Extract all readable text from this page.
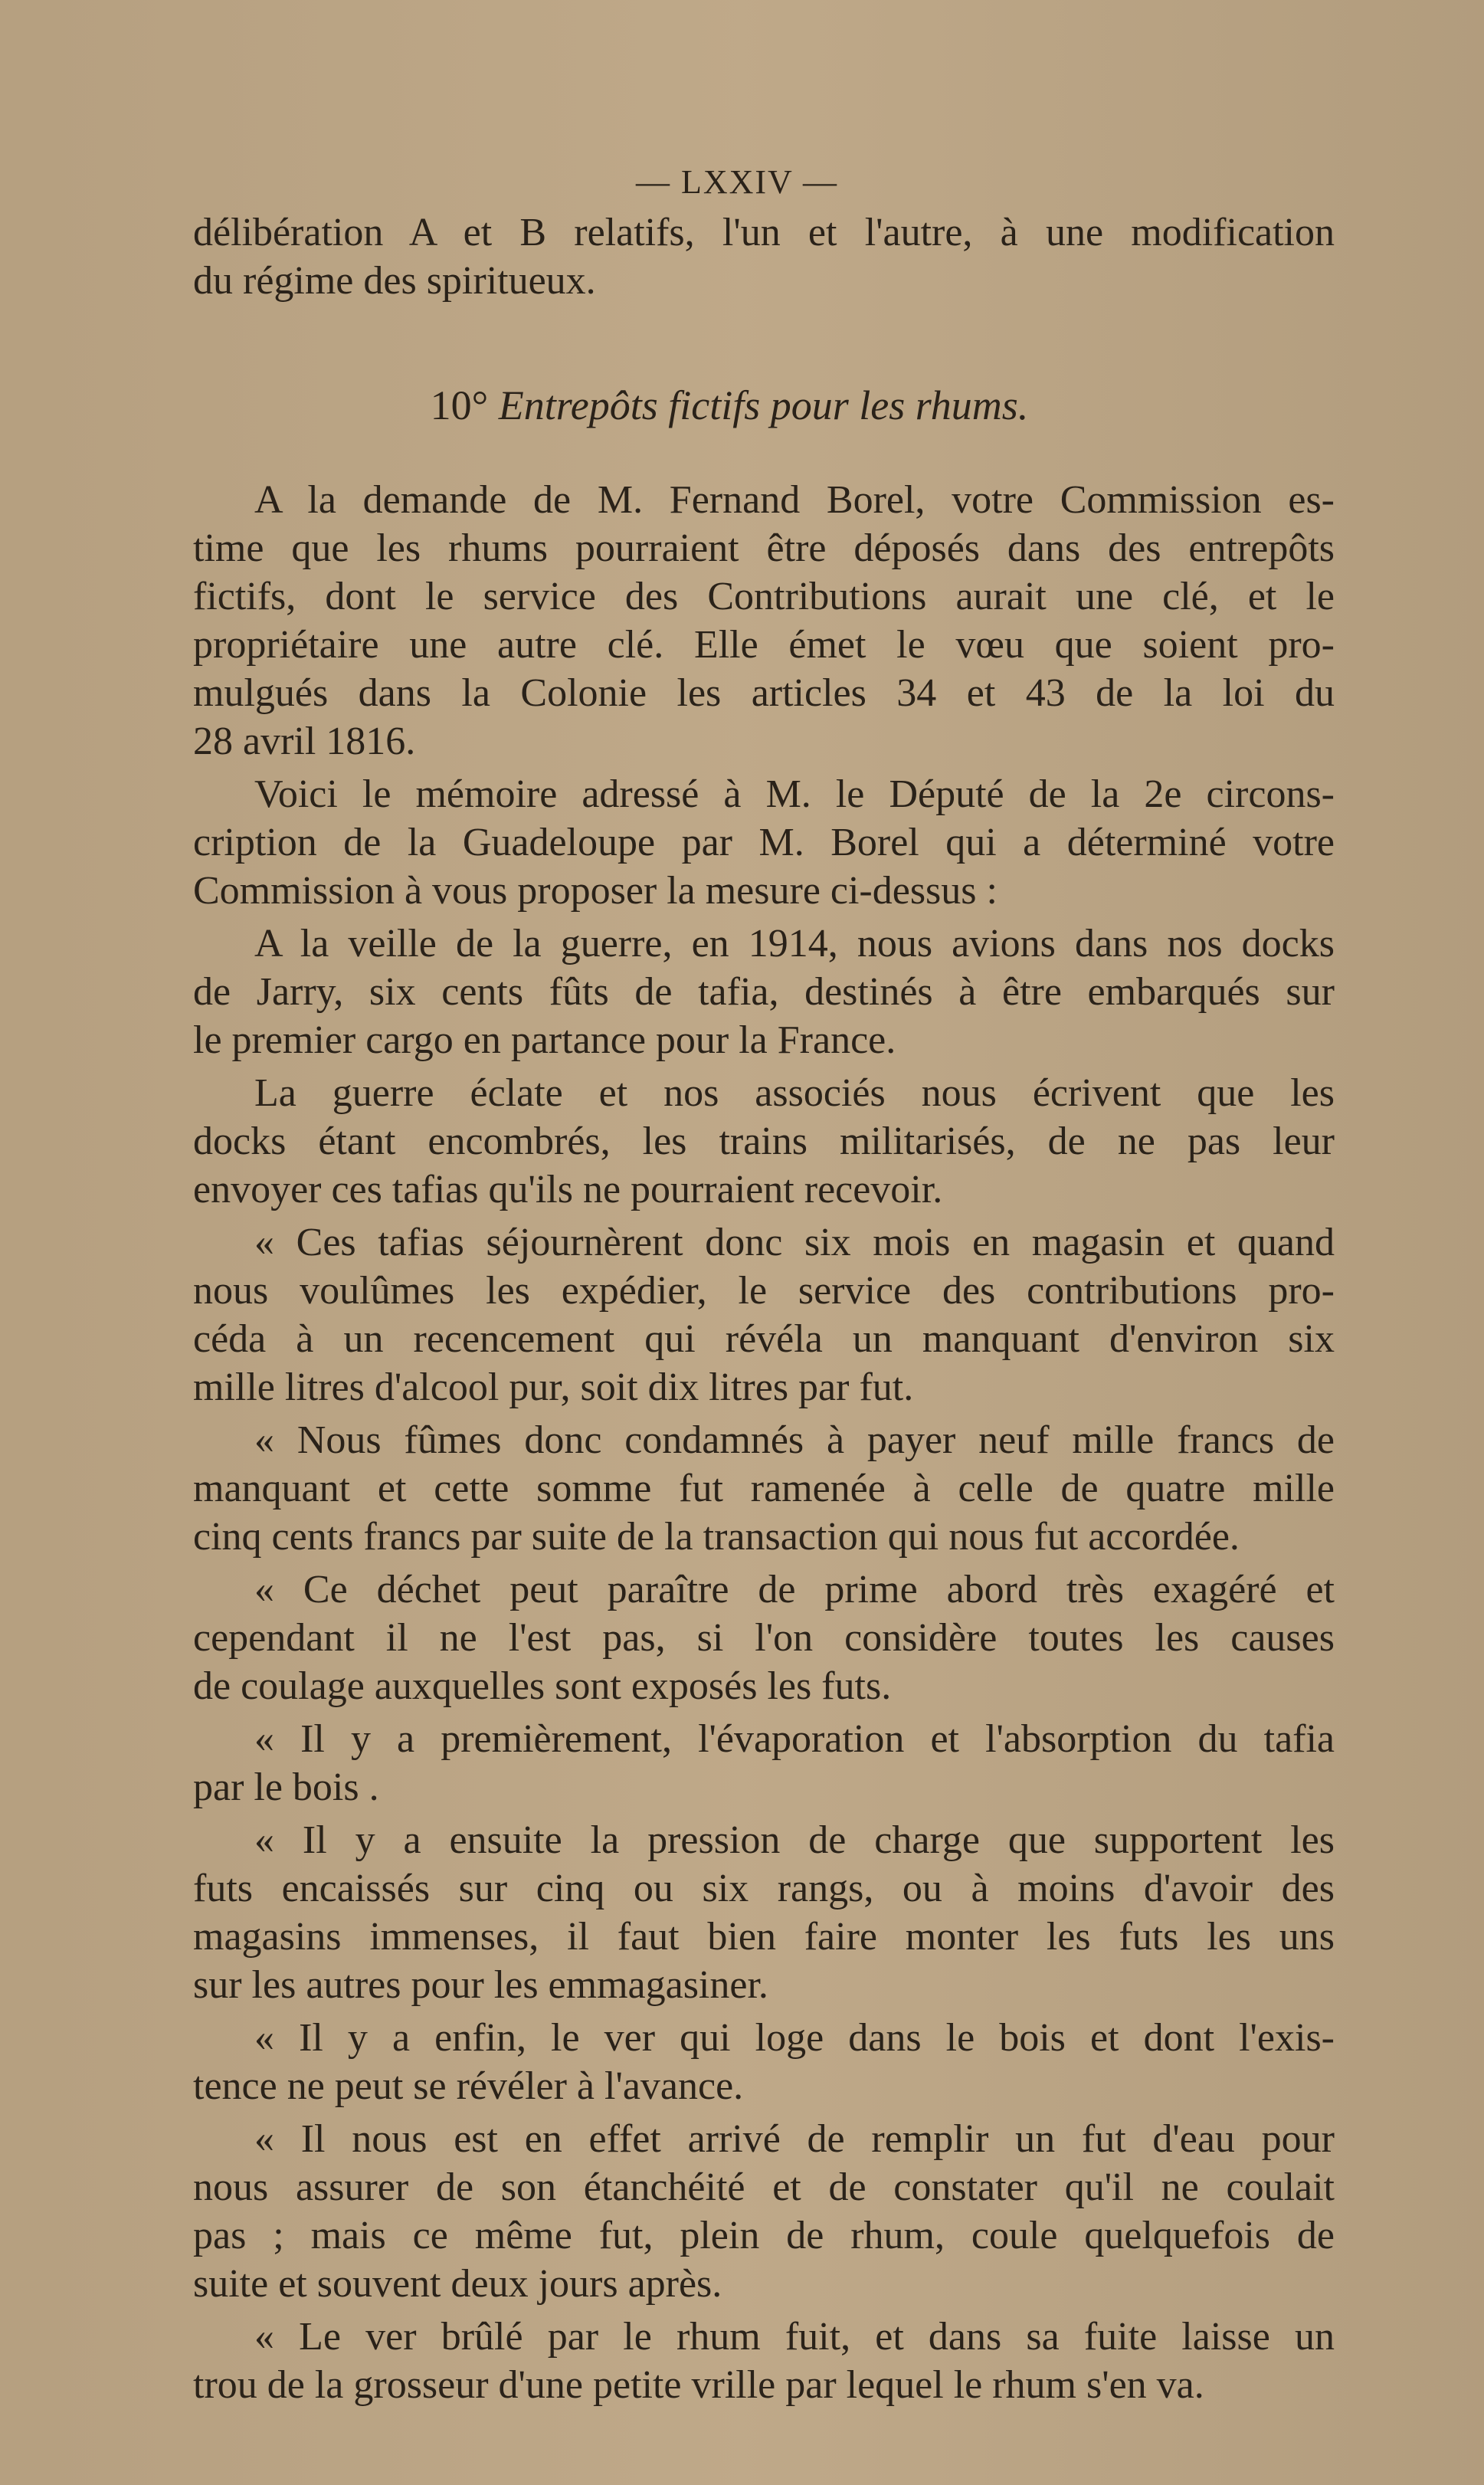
— LXXIV —
délibération A et B relatifs, l'un et l'autre, à une modification
du régime des spiritueux.
10° Entrepôts fictifs pour les rhums.
A la demande de M. Fernand Borel, votre Commission es-
time que les rhums pourraient être déposés dans des entrepôts
fictifs, dont le service des Contributions aurait une clé, et le
propriétaire une autre clé. Elle émet le vœu que soient pro-
mulgués dans la Colonie les articles 34 et 43 de la loi du
28 avril 1816.
Voici le mémoire adressé à M. le Député de la 2e circons-
cription de la Guadeloupe par M. Borel qui a déterminé votre
Commission à vous proposer la mesure ci-dessus :
A la veille de la guerre, en 1914, nous avions dans nos docks
de Jarry, six cents fûts de tafia, destinés à être embarqués sur
le premier cargo en partance pour la France.
La guerre éclate et nos associés nous écrivent que les
docks étant encombrés, les trains militarisés, de ne pas leur
envoyer ces tafias qu'ils ne pourraient recevoir.
« Ces tafias séjournèrent donc six mois en magasin et quand
nous voulûmes les expédier, le service des contributions pro-
céda à un recencement qui révéla un manquant d'environ six
mille litres d'alcool pur, soit dix litres par fut.
« Nous fûmes donc condamnés à payer neuf mille francs de
manquant et cette somme fut ramenée à celle de quatre mille
cinq cents francs par suite de la transaction qui nous fut accordée.
« Ce déchet peut paraître de prime abord très exagéré et
cependant il ne l'est pas, si l'on considère toutes les causes
de coulage auxquelles sont exposés les futs.
« Il y a premièrement, l'évaporation et l'absorption du tafia
par le bois .
« Il y a ensuite la pression de charge que supportent les
futs encaissés sur cinq ou six rangs, ou à moins d'avoir des
magasins immenses, il faut bien faire monter les futs les uns
sur les autres pour les emmagasiner.
« Il y a enfin, le ver qui loge dans le bois et dont l'exis-
tence ne peut se révéler à l'avance.
« Il nous est en effet arrivé de remplir un fut d'eau pour
nous assurer de son étanchéité et de constater qu'il ne coulait
pas ; mais ce même fut, plein de rhum, coule quelquefois de
suite et souvent deux jours après.
« Le ver brûlé par le rhum fuit, et dans sa fuite laisse un
trou de la grosseur d'une petite vrille par lequel le rhum s'en va.
